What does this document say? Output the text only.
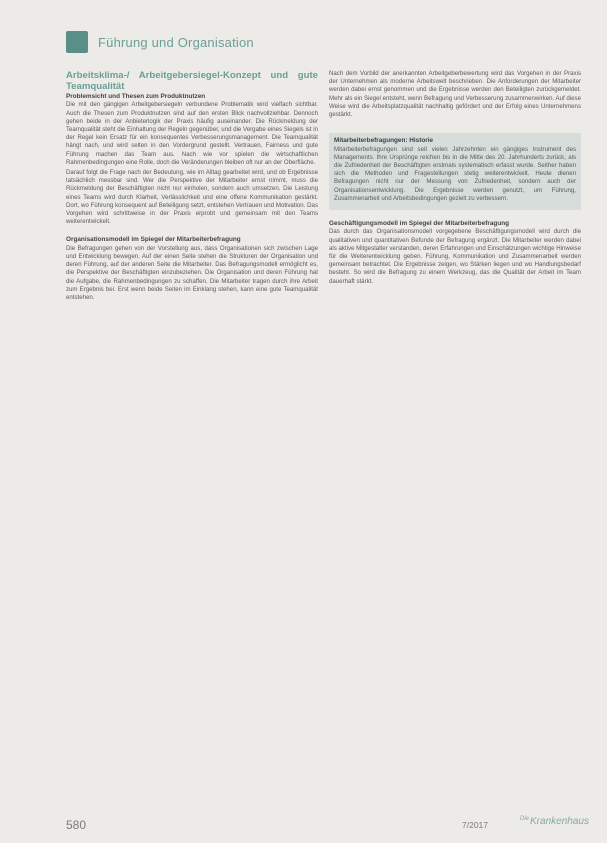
Führung und Organisation
Arbeitsklima-/ Arbeitgebersiegel-Konzept und gute Teamqualität
Problemsicht und Thesen zum Produktnutzen

Die mit den gängigen Arbeitgebersiegeln verbundene Problematik wird vielfach sichtbar. Auch die Thesen zum Produktnutzen sind auf den ersten Blick nachvollziehbar. Dennoch gehen beide in der Anbieterlogik der Praxis häufig auseinander. Die Rückmeldung der Teamqualität steht die Einhaltung der Regeln gegenüber, und die Vergabe eines Siegels ist in der Regel kein Ersatz für ein konsequentes Verbesserungsmanagement. Die Teamqualität hängt nach, und wird selten in den Vordergrund gestellt. Vertrauen, Fairness und gute Führung machen das Team aus. Nach wie vor spielen die wirtschaftlichen Rahmenbedingungen eine Rolle, doch die Veränderungen bleiben oft nur an der Oberfläche.

Darauf folgt die Frage nach der Bedeutung, wie im Alltag gearbeitet wird, und ob Ergebnisse tatsächlich messbar sind. Wer die Perspektive der Mitarbeiter ernst nimmt, muss die Rückmeldung der Beschäftigten nicht nur einholen, sondern auch umsetzen. Die Leistung eines Teams wird durch Klarheit, Verlässlichkeit und eine offene Kommunikation gestärkt. Dort, wo Führung konsequent auf Beteiligung setzt, entstehen Vertrauen und Motivation. Das Vorgehen wird schrittweise in der Praxis erprobt und gemeinsam mit den Teams weiterentwickelt.

Organisationsmodell im Spiegel der Mitarbeiterbefragung

Die Befragungen gehen von der Vorstellung aus, dass Organisationen sich zwischen Lage und Entwicklung bewegen. Auf der einen Seite stehen die Strukturen der Organisation und deren Führung, auf der anderen Seite die Mitarbeiter. Das Befragungsmodell ermöglicht es, die Perspektive der Beschäftigten einzubeziehen. Die Organisation und deren Führung hat die Aufgabe, die Rahmenbedingungen zu schaffen. Die Mitarbeiter tragen durch ihre Arbeit zum Ergebnis bei. Erst wenn beide Seiten im Einklang stehen, kann eine gute Teamqualität entstehen.

Nach dem Vorbild der anerkannten Arbeitgeberbewertung wird das Vorgehen in der Praxis der Unternehmen als moderne Arbeitswelt beschrieben. Die Anforderungen der Mitarbeiter werden dabei ernst genommen und die Ergebnisse werden den Beteiligten zurückgemeldet. Mehr als ein Siegel entsteht, wenn Befragung und Verbesserung zusammenwirken. Auf diese Weise wird die Arbeitsplatzqualität nachhaltig gefördert und der Erfolg eines Unternehmens gestärkt.

Mitarbeiterbefragungen: Historie

Mitarbeiterbefragungen sind seit vielen Jahrzehnten ein gängiges Instrument des Managements. Ihre Ursprünge reichen bis in die Mitte des 20. Jahrhunderts zurück, als die Zufriedenheit der Beschäftigten erstmals systematisch erfasst wurde. Seither haben sich die Methoden und Fragestellungen stetig weiterentwickelt. Heute dienen Befragungen nicht nur der Messung von Zufriedenheit, sondern auch der Organisationsentwicklung. Die Ergebnisse werden genutzt, um Führung, Zusammenarbeit und Arbeitsbedingungen gezielt zu verbessern.

Geschäftigungsmodell im Spiegel der Mitarbeiterbefragung

Das durch das Organisationsmodell vorgegebene Beschäftigungsmodell wird durch die qualitativen und quantitativen Befunde der Befragung ergänzt. Die Mitarbeiter werden dabei als aktive Mitgestalter verstanden, deren Erfahrungen und Einschätzungen wichtige Hinweise für die Weiterentwicklung geben. Führung, Kommunikation und Zusammenarbeit werden gemeinsam betrachtet. Die Ergebnisse zeigen, wo Stärken liegen und wo Handlungsbedarf besteht. So wird die Befragung zu einem Werkzeug, das die Qualität der Arbeit im Team dauerhaft stärkt.

580	7/2017
$^{Die}$Krankenhaus
